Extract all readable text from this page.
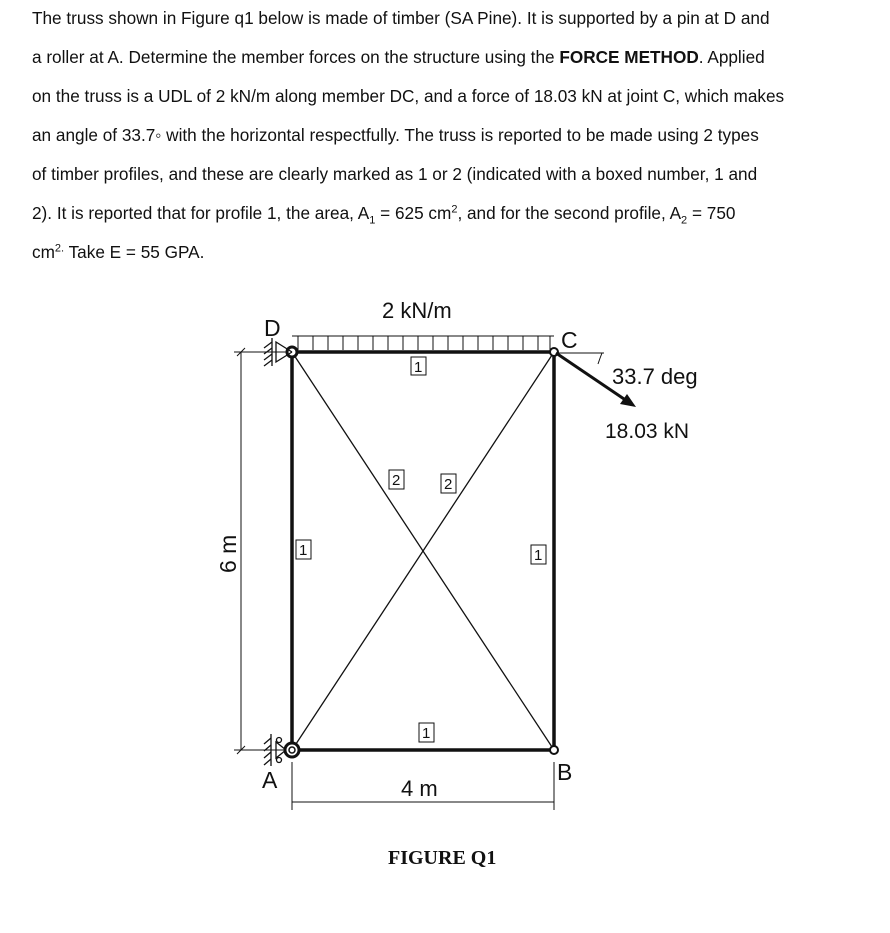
The truss shown in Figure q1 below is made of timber (SA Pine). It is supported by a pin at D and
a roller at A. Determine the member forces on the structure using the FORCE METHOD. Applied
on the truss is a UDL of 2 kN/m along member DC, and a force of 18.03 kN at joint C, which makes
an angle of 33.7◦ with the horizontal respectfully. The truss is reported to be made using 2 types
of timber profiles, and these are clearly marked as 1 or 2 (indicated with a boxed number, 1 and
2). It is reported that for profile 1, the area, $A_1 = 625$ $cm^2$, and for the second profile, $A_2 = 750$
$cm^{2.}$ Take E = 55 GPA.
2 kN/m
D	C
A	B
33.7 deg
18.03 kN
6 m
4 m
1
2	2
1	1
1
FIGURE Q1
